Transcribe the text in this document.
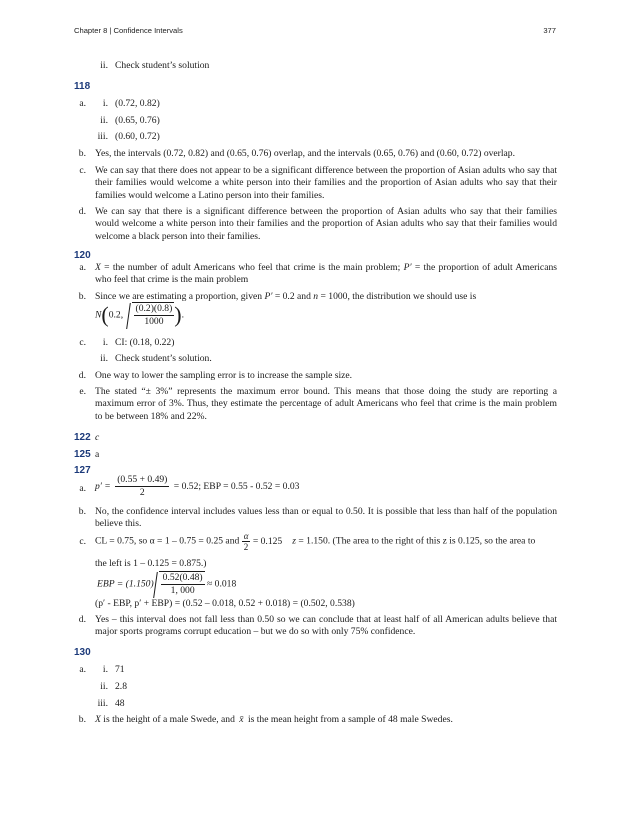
Chapter 8 | Confidence Intervals	377
ii. Check student’s solution
118
a.	i. (0.72, 0.82)
ii. (0.65, 0.76)
iii. (0.60, 0.72)
b. Yes, the intervals (0.72, 0.82) and (0.65, 0.76) overlap, and the intervals (0.65, 0.76) and (0.60, 0.72) overlap.
c. We can say that there does not appear to be a significant difference between the proportion of Asian adults who say that their families would welcome a white person into their families and the proportion of Asian adults who say that their families would welcome a Latino person into their families.
d. We can say that there is a significant difference between the proportion of Asian adults who say that their families would welcome a white person into their families and the proportion of Asian adults who say that their families would welcome a black person into their families.
120
a. X = the number of adult Americans who feel that crime is the main problem; P′ = the proportion of adult Americans who feel that crime is the main problem
b. Since we are estimating a proportion, given P′ = 0.2 and n = 1000, the distribution we should use is
N(0.2, $\frac{(0.2)(0.8)}{1000}$ ).
c.	i. CI: (0.18, 0.22)
ii. Check student’s solution.
d. One way to lower the sampling error is to increase the sample size.
e. The stated “± 3%” represents the maximum error bound. This means that those doing the study are reporting a maximum error of 3%. Thus, they estimate the percentage of adult Americans who feel that crime is the main problem to be between 18% and 22%.
122 c
125 a
127
a. $p' = \frac{(0.55 + 0.49)}{2} = 0.52$; EBP = 0.55 - 0.52 = 0.03
b. No, the confidence interval includes values less than or equal to 0.50. It is possible that less than half of the population believe this.
c. CL = 0.75, so α = 1 – 0.75 = 0.25 and $\frac{\alpha}{2} = 0.125$ z = 1.150. (The area to the right of this z is 0.125, so the area to
the left is 1 – 0.125 = 0.875.)
EBP = $(1.150) \frac{0.52(0.48)}{1, 000} \approx 0.018$
(p′ - EBP, p′ + EBP) = (0.52 – 0.018, 0.52 + 0.018) = (0.502, 0.538)
d. Yes – this interval does not fall less than 0.50 so we can conclude that at least half of all American adults believe that major sports programs corrupt education – but we do so with only 75% confidence.
130
a.	i. 71
ii. 2.8
iii. 48
b. X is the height of a male Swede, and x̄ is the mean height from a sample of 48 male Swedes.
